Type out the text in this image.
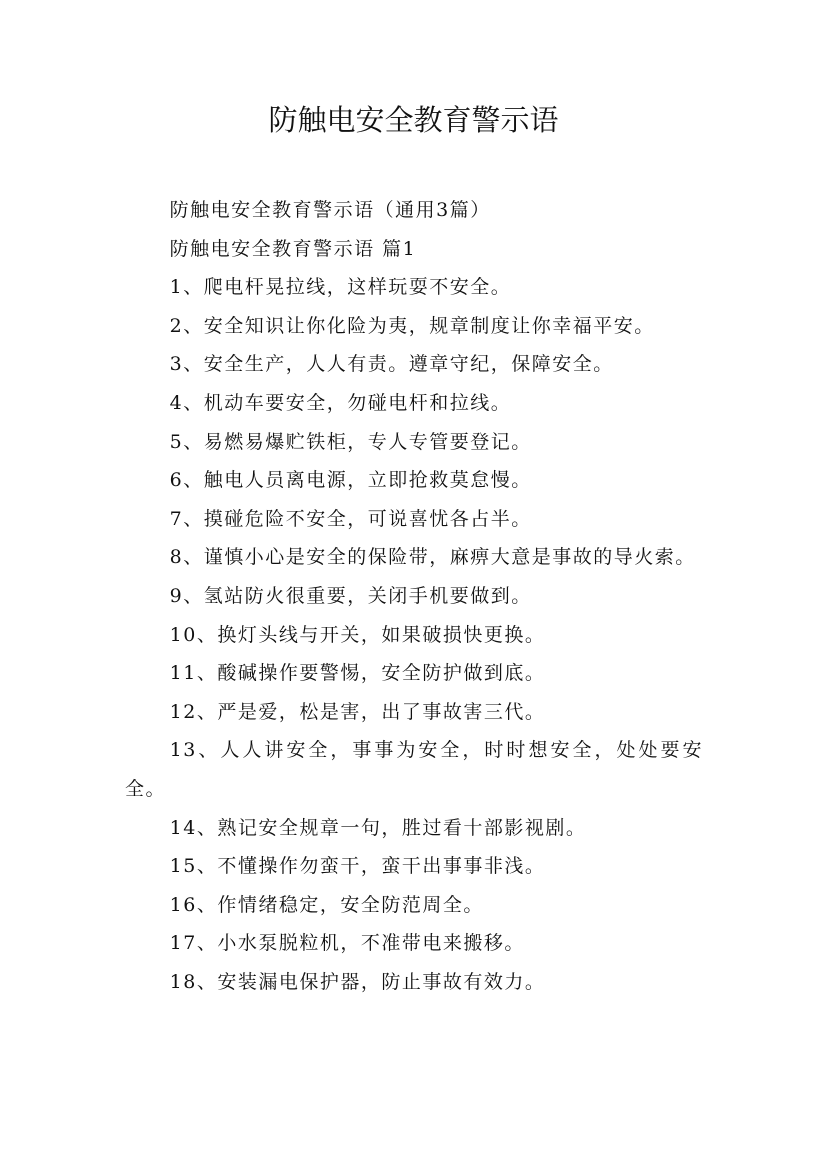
防触电安全教育警示语

防触电安全教育警示语（通用3篇）

防触电安全教育警示语 篇1

1、爬电杆晃拉线，这样玩耍不安全。

2、安全知识让你化险为夷，规章制度让你幸福平安。

3、安全生产，人人有责。遵章守纪，保障安全。

4、机动车要安全，勿碰电杆和拉线。

5、易燃易爆贮铁柜，专人专管要登记。

6、触电人员离电源，立即抢救莫怠慢。

7、摸碰危险不安全，可说喜忧各占半。

8、谨慎小心是安全的保险带，麻痹大意是事故的导火索。

9、氢站防火很重要，关闭手机要做到。

10、换灯头线与开关，如果破损快更换。

11、酸碱操作要警惕，安全防护做到底。

12、严是爱，松是害，出了事故害三代。

13、人人讲安全，事事为安全，时时想安全，处处要安全。

14、熟记安全规章一句，胜过看十部影视剧。

15、不懂操作勿蛮干，蛮干出事事非浅。

16、作情绪稳定，安全防范周全。

17、小水泵脱粒机，不准带电来搬移。

18、安装漏电保护器，防止事故有效力。
